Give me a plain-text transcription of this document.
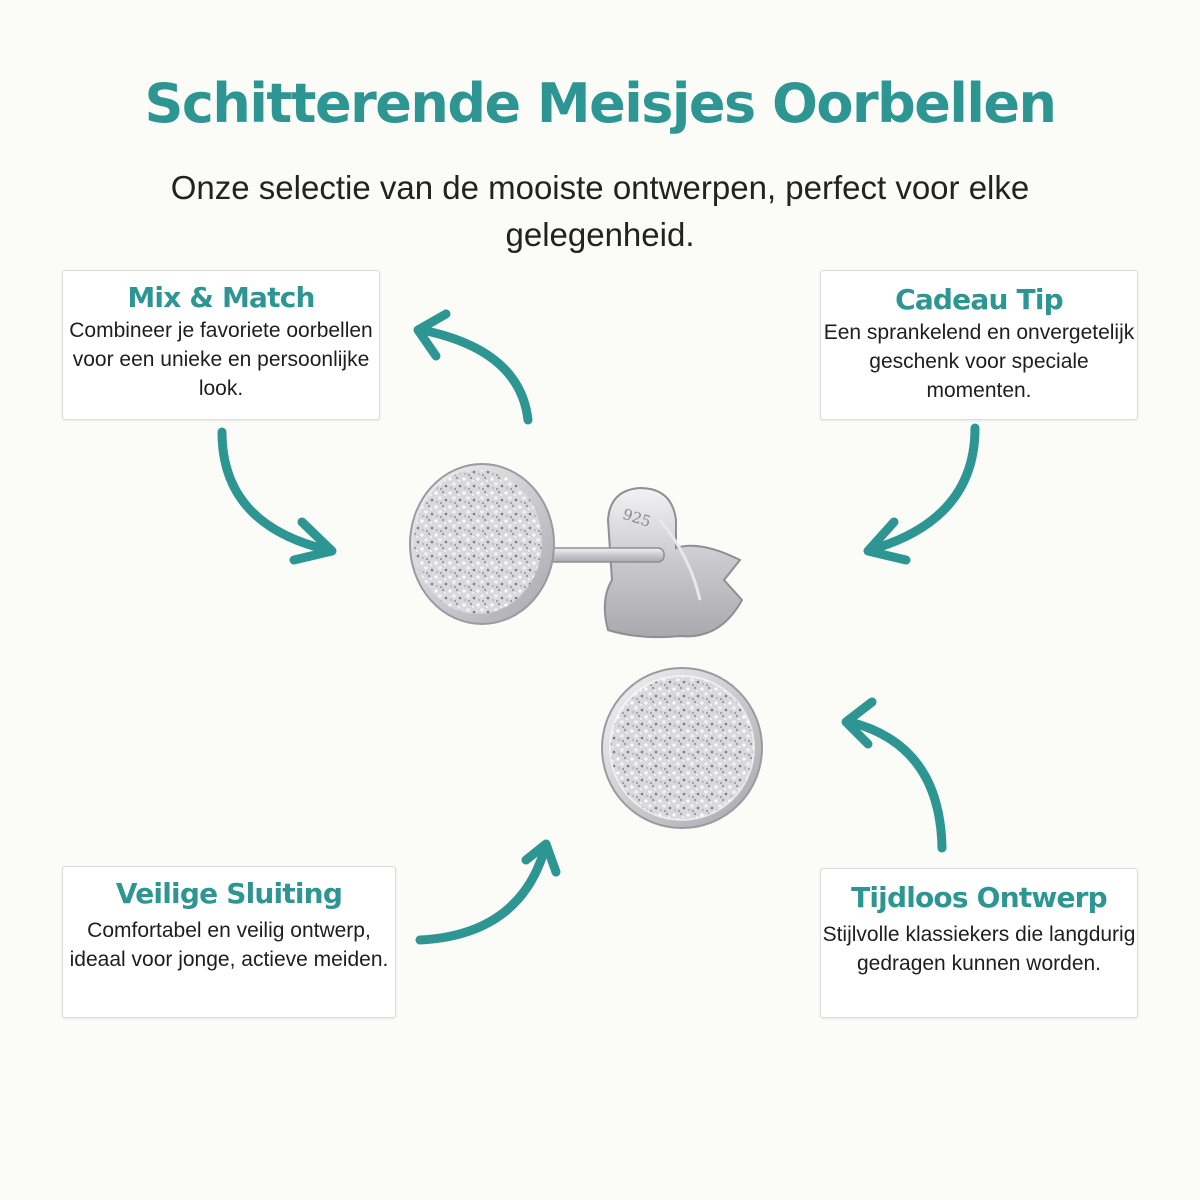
Schitterende Meisjes Oorbellen

Onze selectie van de mooiste ontwerpen, perfect voor elke gelegenheid.

Mix & Match

Combineer je favoriete oorbellen voor een unieke en persoonlijke look.

Cadeau Tip

Een sprankelend en onvergetelijk geschenk voor speciale momenten.

Veilige Sluiting

Comfortabel en veilig ontwerp, ideaal voor jonge, actieve meiden.

Tijdloos Ontwerp

Stijlvolle klassiekers die langdurig gedragen kunnen worden.

925
